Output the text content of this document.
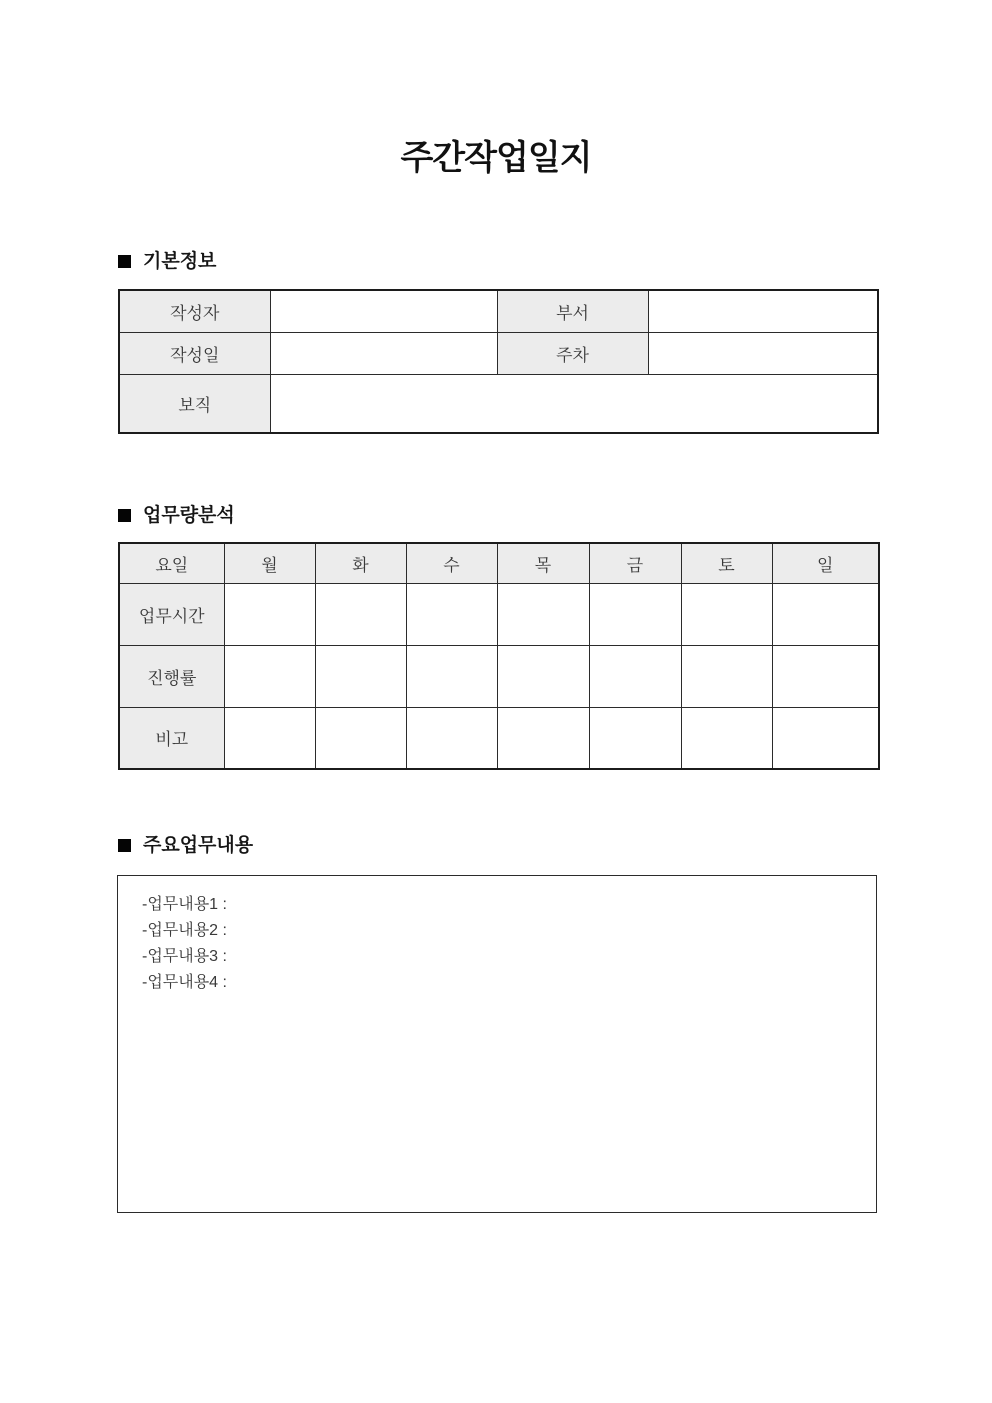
주간작업일지
기본정보
작성자		부서	
작성일		주차	
보직			
업무량분석
요일	월	화	수	목	금	토	일
업무시간							
진행률							
비고							
주요업무내용
-업무내용1 :
-업무내용2 :
-업무내용3 :
-업무내용4 :
